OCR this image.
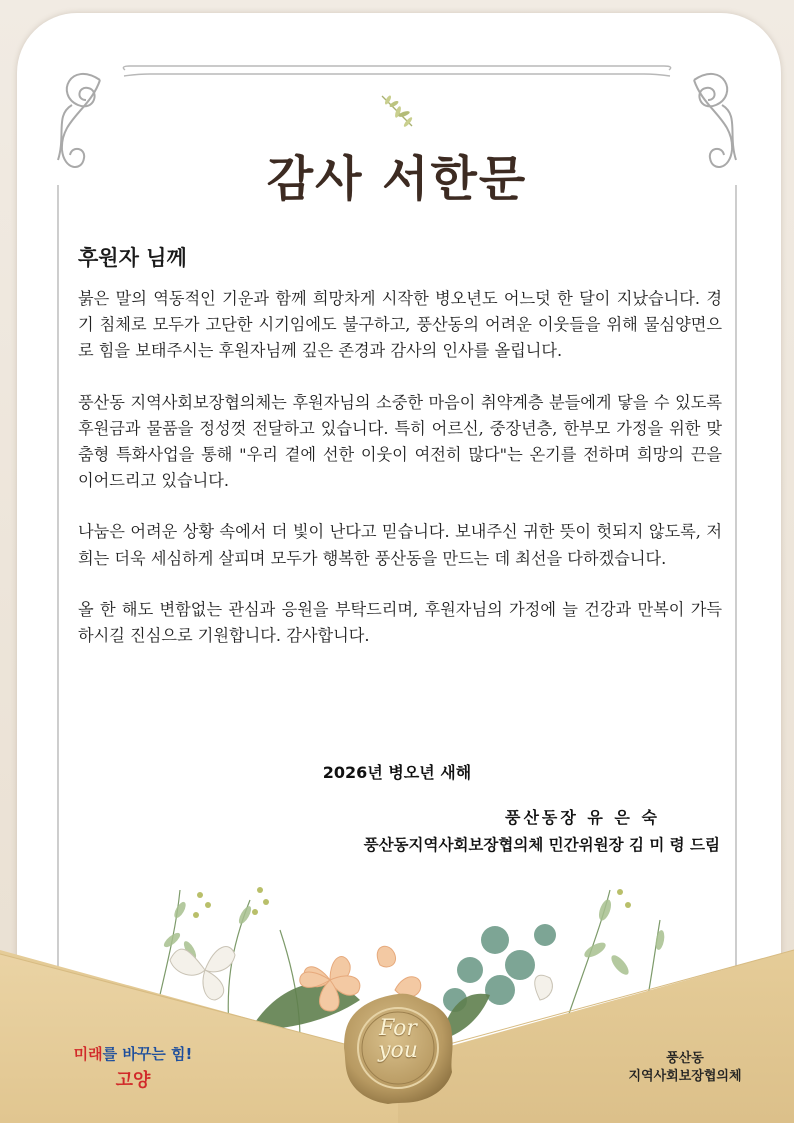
감사 서한문
후원자 님께

붉은 말의 역동적인 기운과 함께 희망차게 시작한 병오년도 어느덧 한 달이 지났습니다. 경기 침체로 모두가 고단한 시기임에도 불구하고, 풍산동의 어려운 이웃들을 위해 물심양면으로 힘을 보태주시는 후원자님께 깊은 존경과 감사의 인사를 올립니다.

풍산동 지역사회보장협의체는 후원자님의 소중한 마음이 취약계층 분들에게 닿을 수 있도록 후원금과 물품을 정성껏 전달하고 있습니다. 특히 어르신, 중장년층, 한부모 가정을 위한 맞춤형 특화사업을 통해 "우리 곁에 선한 이웃이 여전히 많다"는 온기를 전하며 희망의 끈을 이어드리고 있습니다.

나눔은 어려운 상황 속에서 더 빛이 난다고 믿습니다. 보내주신 귀한 뜻이 헛되지 않도록, 저희는 더욱 세심하게 살피며 모두가 행복한 풍산동을 만드는 데 최선을 다하겠습니다.

올 한 해도 변함없는 관심과 응원을 부탁드리며, 후원자님의 가정에 늘 건강과 만복이 가득하시길 진심으로 기원합니다. 감사합니다.

2026년 병오년 새해
풍산동장 유 은 숙
풍산동지역사회보장협의체 민간위원장 김 미 령 드림
For
you
미래를 바꾸는 힘!
고양
풍산동
지역사회보장협의체
